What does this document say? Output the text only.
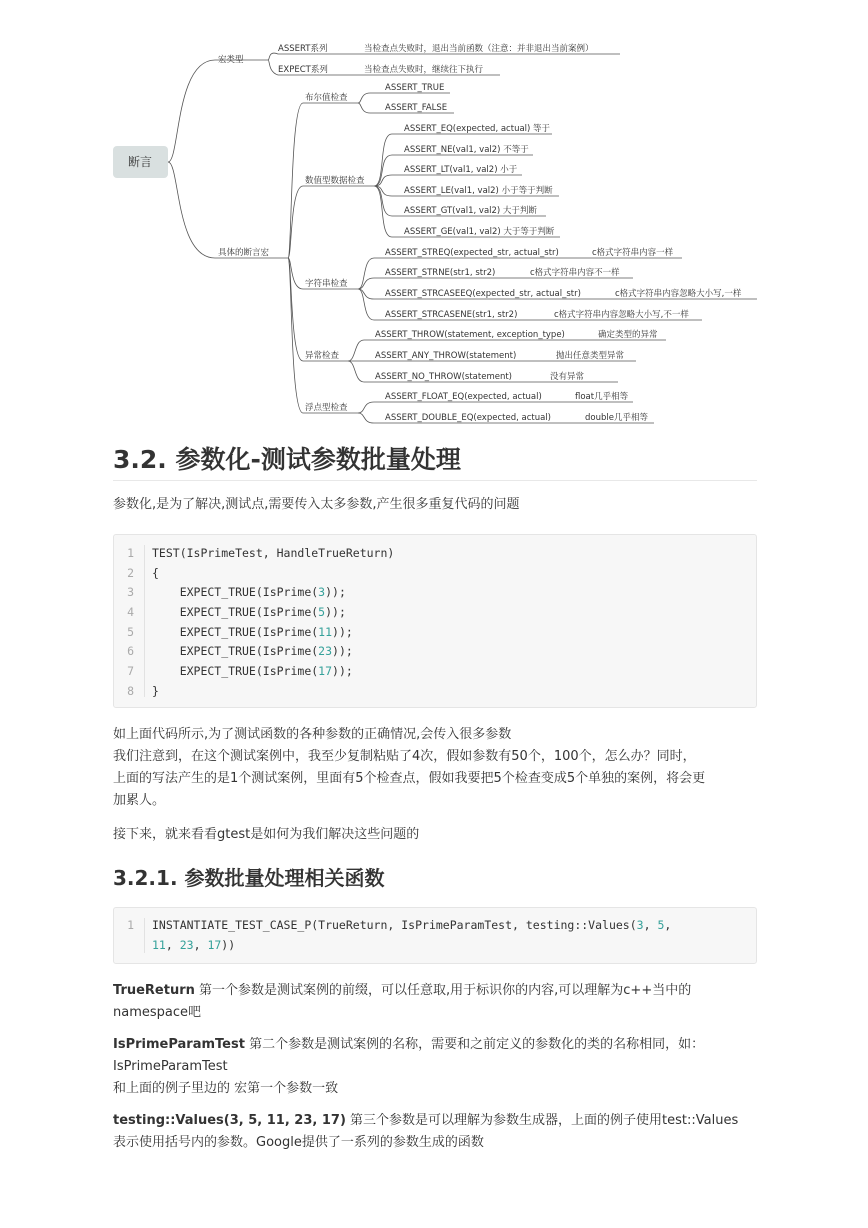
断言
宏类型
ASSERT系列	当检查点失败时，退出当前函数（注意：并非退出当前案例）
EXPECT系列	当检查点失败时，继续往下执行
具体的断言宏
布尔值检查
ASSERT_TRUE
ASSERT_FALSE
数值型数据检查
ASSERT_EQ(expected, actual) 等于
ASSERT_NE(val1, val2) 不等于
ASSERT_LT(val1, val2) 小于
ASSERT_LE(val1, val2) 小于等于判断
ASSERT_GT(val1, val2) 大于判断
ASSERT_GE(val1, val2) 大于等于判断
字符串检查
ASSERT_STREQ(expected_str, actual_str)	c格式字符串内容一样
ASSERT_STRNE(str1, str2)	c格式字符串内容不一样
ASSERT_STRCASEEQ(expected_str, actual_str)	c格式字符串内容忽略大小写,一样
ASSERT_STRCASENE(str1, str2)	c格式字符串内容忽略大小写,不一样
异常检查
ASSERT_THROW(statement, exception_type)	确定类型的异常
ASSERT_ANY_THROW(statement)	抛出任意类型异常
ASSERT_NO_THROW(statement)	没有异常
浮点型检查
ASSERT_FLOAT_EQ(expected, actual)	float几乎相等
ASSERT_DOUBLE_EQ(expected, actual)	double几乎相等
3.2. 参数化-测试参数批量处理

参数化,是为了解决,测试点,需要传入太多参数,产生很多重复代码的问题

1 TEST(IsPrimeTest, HandleTrueReturn)
2 {
3    EXPECT_TRUE(IsPrime(3));
4    EXPECT_TRUE(IsPrime(5));
5    EXPECT_TRUE(IsPrime(11));
6    EXPECT_TRUE(IsPrime(23));
7    EXPECT_TRUE(IsPrime(17));
8 }

如上面代码所示,为了测试函数的各种参数的正确情况,会传入很多参数
我们注意到，在这个测试案例中，我至少复制粘贴了4次，假如参数有50个，100个，怎么办？同时，
上面的写法产生的是1个测试案例，里面有5个检查点，假如我要把5个检查变成5个单独的案例，将会更
加累人。

接下来，就来看看gtest是如何为我们解决这些问题的

3.2.1. 参数批量处理相关函数
1 INSTANTIATE_TEST_CASE_P(TrueReturn, IsPrimeParamTest, testing::Values(3, 5,
11, 23, 17))

TrueReturn 第一个参数是测试案例的前缀，可以任意取,用于标识你的内容,可以理解为c++当中的
namespace吧

IsPrimeParamTest 第二个参数是测试案例的名称，需要和之前定义的参数化的类的名称相同，如：
IsPrimeParamTest
和上面的例子里边的 宏第一个参数一致

testing::Values(3, 5, 11, 23, 17) 第三个参数是可以理解为参数生成器，上面的例子使用test::Values
表示使用括号内的参数。Google提供了一系列的参数生成的函数
